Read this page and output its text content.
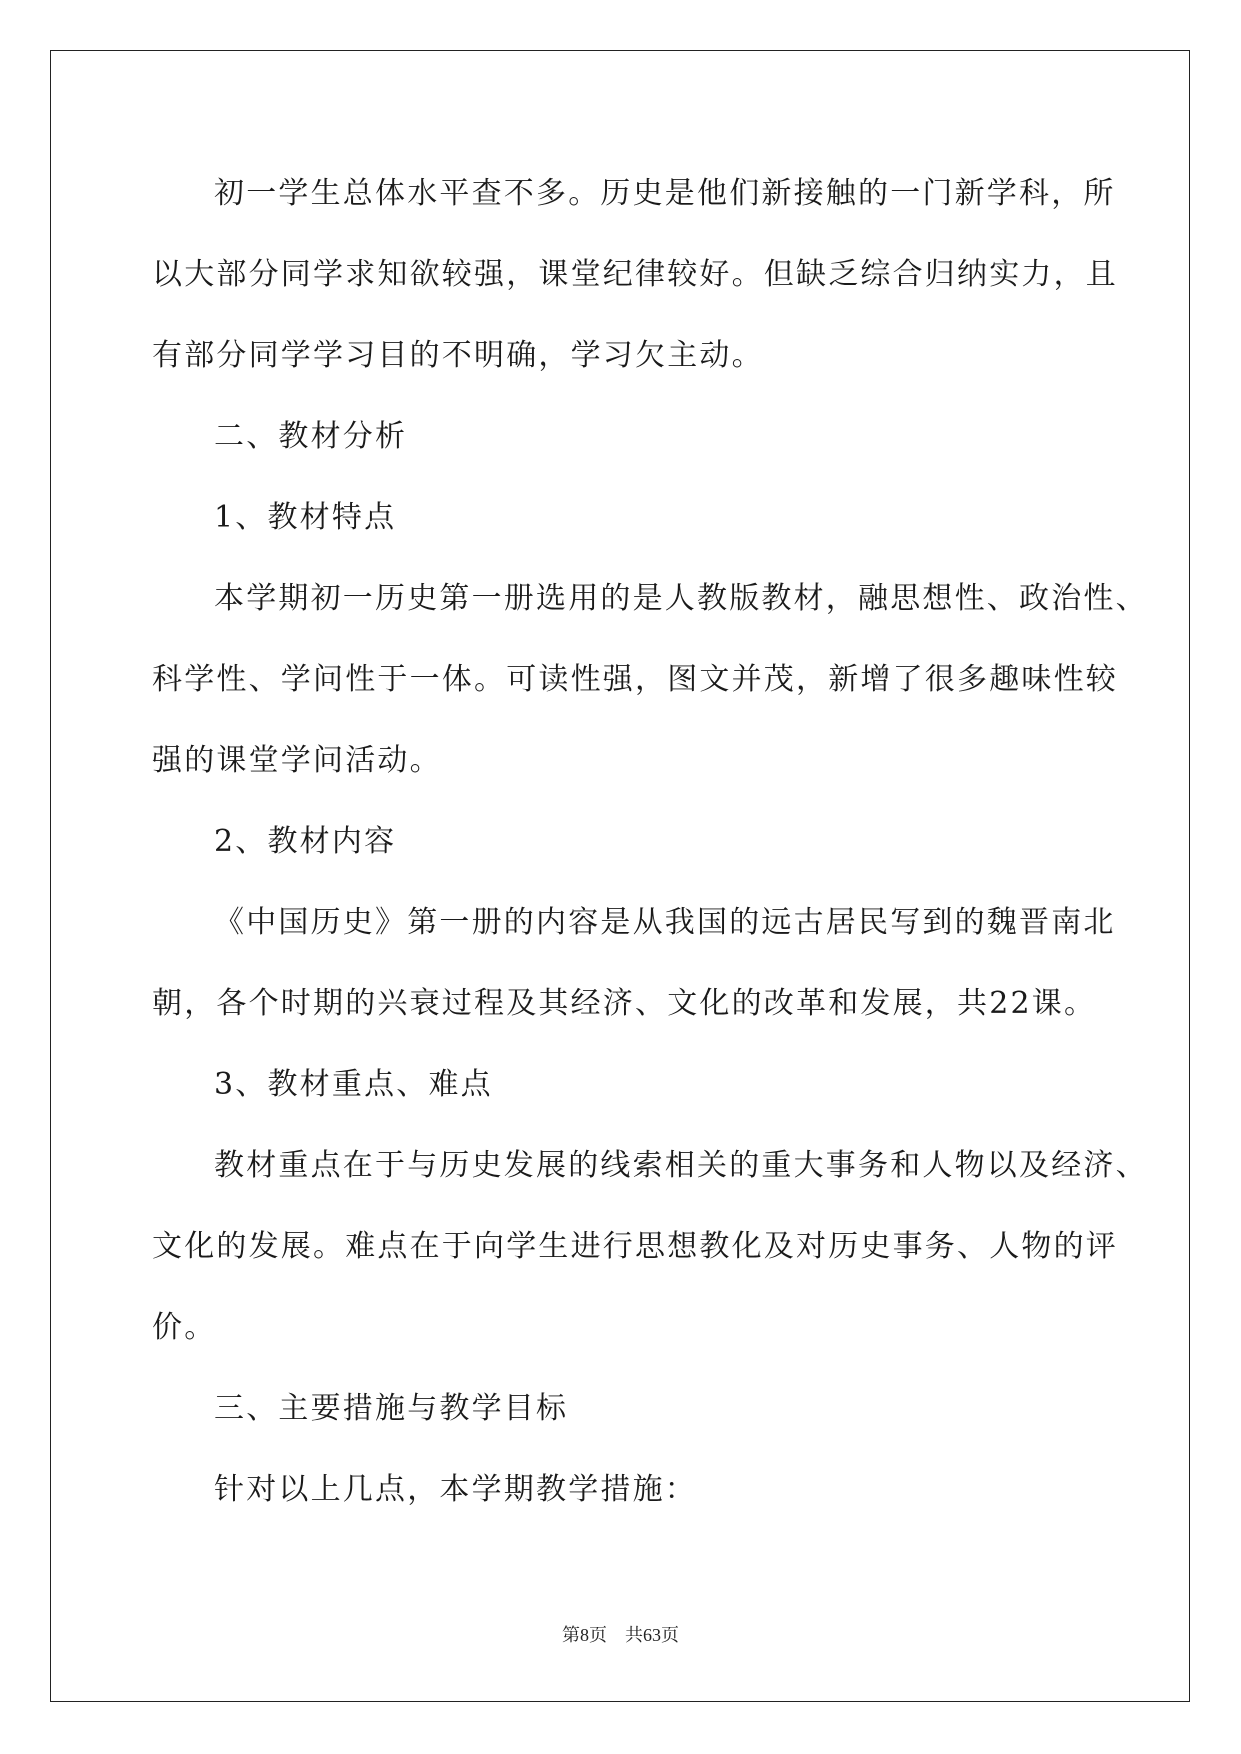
初一学生总体水平查不多。历史是他们新接触的一门新学科，所
以大部分同学求知欲较强，课堂纪律较好。但缺乏综合归纳实力，且
有部分同学学习目的不明确，学习欠主动。
二、教材分析
1、教材特点
本学期初一历史第一册选用的是人教版教材，融思想性、政治性、
科学性、学问性于一体。可读性强，图文并茂，新增了很多趣味性较
强的课堂学问活动。
2、教材内容
《中国历史》第一册的内容是从我国的远古居民写到的魏晋南北
朝，各个时期的兴衰过程及其经济、文化的改革和发展，共22课。
3、教材重点、难点
教材重点在于与历史发展的线索相关的重大事务和人物以及经济、
文化的发展。难点在于向学生进行思想教化及对历史事务、人物的评
价。
三、主要措施与教学目标
针对以上几点，本学期教学措施：
第8页 共63页
